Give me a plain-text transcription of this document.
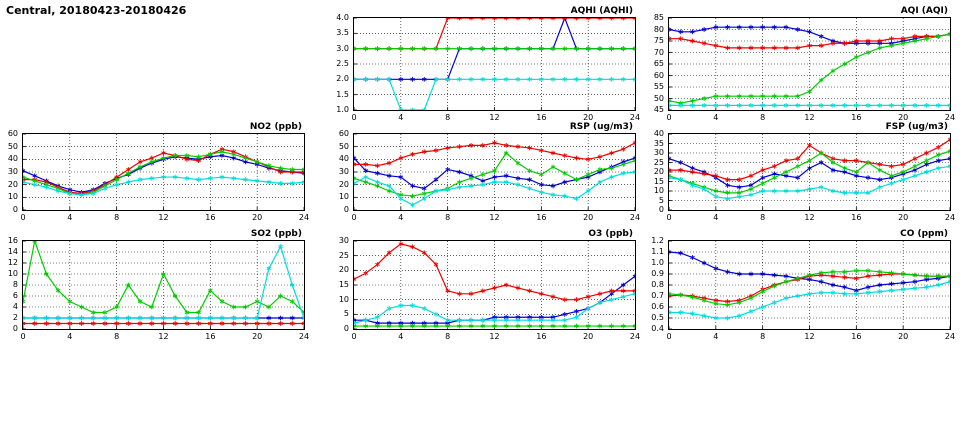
Central, 20180423-20180426	AQHI (AQHI)
1.0
1.5
2.0
2.5
3.0
3.5
4.0
0	4	8	12	16	20	24
AQI (AQI)
45
50
55
60
65
70
75
80
85
0	4	8	12	16	20	24
NO2 (ppb)
0
10
20
30
40
50
60
0	4	8	12	16	20	24
RSP (ug/m3)
0
10
20
30
40
50
60
0	4	8	12	16	20	24
FSP (ug/m3)
0
5
10
15
20
25
30
35
40
0	4	8	12	16	20	24
SO2 (ppb)
0
2
4
6
8
10
12
14
16
0	4	8	12	16	20	24
O3 (ppb)
0
5
10
15
20
25
30
0	4	8	12	16	20	24
CO (ppm)
0.4
0.5
0.6
0.7
0.8
0.9
1.0
1.1
1.2
0	4	8	12	16	20	24
